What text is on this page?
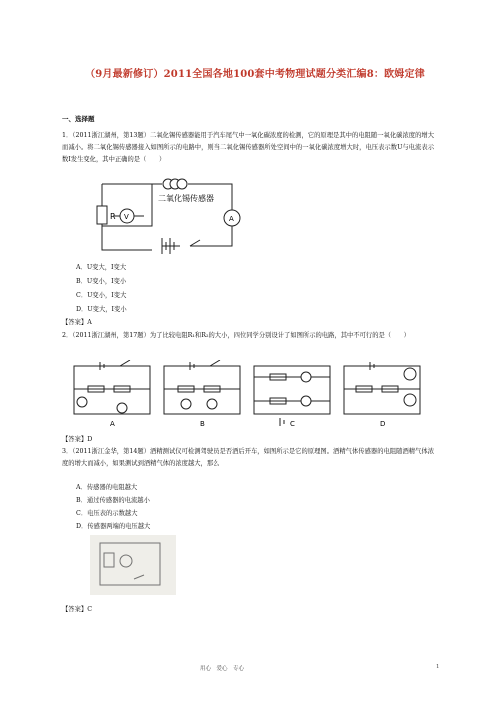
（9月最新修订）2011全国各地100套中考物理试题分类汇编8：欧姆定律
一、选择题
1．（2011浙江湖州，第13题）二氧化锡传感器能用于汽车尾气中一氧化碳浓度的检测，它的原理是其中的电阻随一氧化碳浓度的增大而减小。将二氧化锡传感器接入如图所示的电路中，则当二氧化锡传感器所处空间中的一氧化碳浓度增大时，电压表示数U与电流表示数I发生变化，其中正确的是（　　）
R V	A
二氧化锡传感器
A．U变大，I变大
B．U变小，I变小
C．U变小，I变大
D．U变大，I变小
【答案】A
2．（2011浙江湖州，第17题）为了比较电阻R₁和R₂的大小，四位同学分别设计了如图所示的电路，其中不可行的是（　　）
A	B	C	D
【答案】D
3．（2011浙江金华，第14题）酒精测试仪可检测驾驶员是否酒后开车，如图所示是它的原理图。酒精气体传感器的电阻随酒精气体浓度的增大而减小，如果测试到酒精气体的浓度越大，那么
A．传感器的电阻越大
B．通过传感器的电流越小
C．电压表的示数越大
D．传感器两端的电压越大
【答案】C
用心　爱心　专心	1
